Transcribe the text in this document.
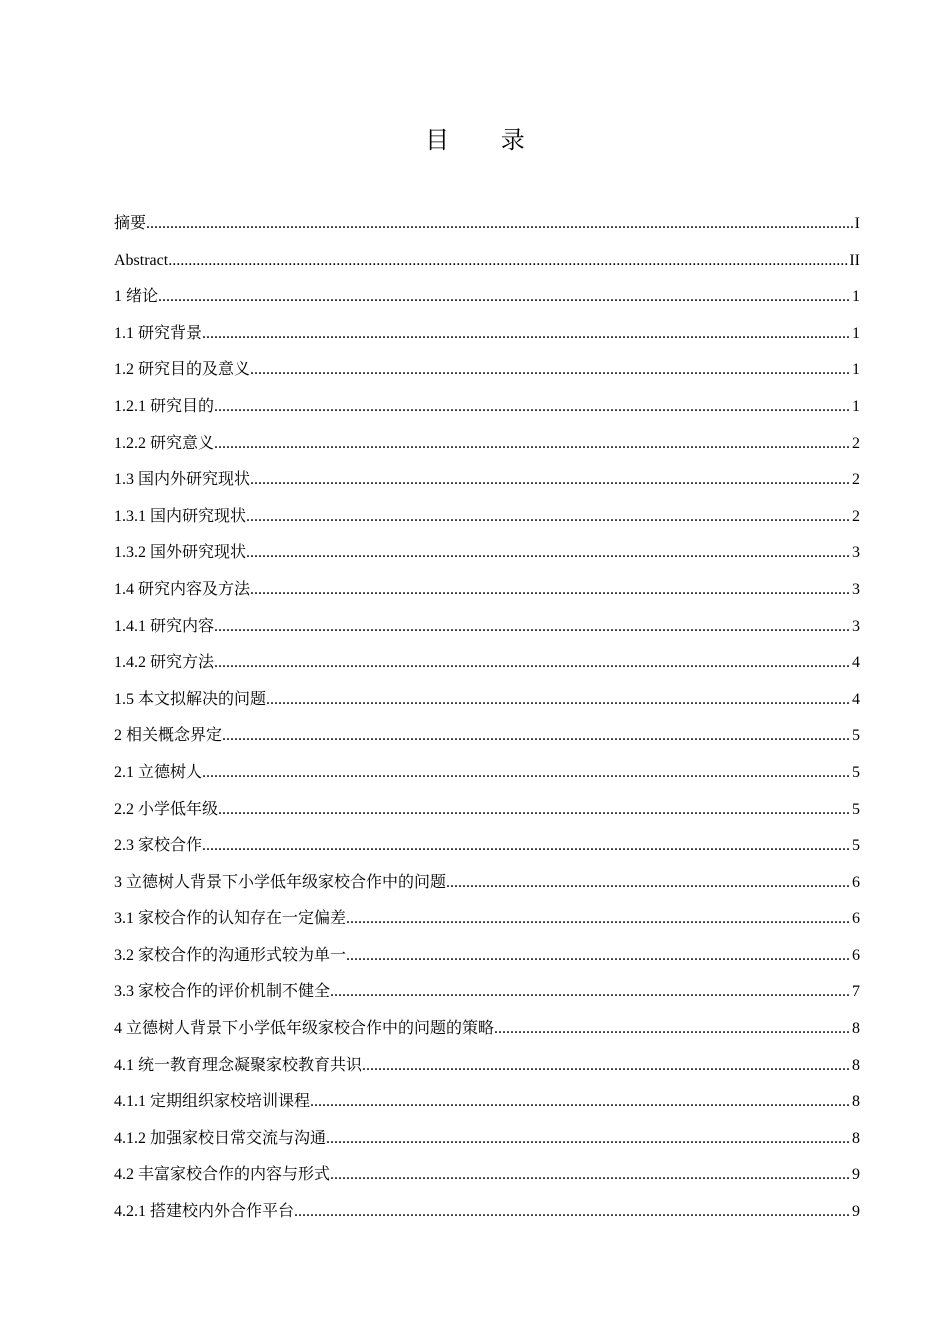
目 录
摘要 .....	I
Abstract .....	II
1 绪论 .....	1
1.1 研究背景 .....	1
1.2 研究目的及意义 .....	1
1.2.1 研究目的 .....	1
1.2.2 研究意义 .....	2
1.3 国内外研究现状 .....	2
1.3.1 国内研究现状 .....	2
1.3.2 国外研究现状 .....	3
1.4 研究内容及方法 .....	3
1.4.1 研究内容 .....	3
1.4.2 研究方法 .....	4
1.5 本文拟解决的问题 .....	4
2 相关概念界定 .....	5
2.1 立德树人 .....	5
2.2 小学低年级 .....	5
2.3 家校合作 .....	5
3 立德树人背景下小学低年级家校合作中的问题 .....	6
3.1 家校合作的认知存在一定偏差 .....	6
3.2 家校合作的沟通形式较为单一 .....	6
3.3 家校合作的评价机制不健全 .....	7
4 立德树人背景下小学低年级家校合作中的问题的策略 .....	8
4.1 统一教育理念凝聚家校教育共识 .....	8
4.1.1 定期组织家校培训课程 .....	8
4.1.2 加强家校日常交流与沟通 .....	8
4.2 丰富家校合作的内容与形式 .....	9
4.2.1 搭建校内外合作平台 .....	9
